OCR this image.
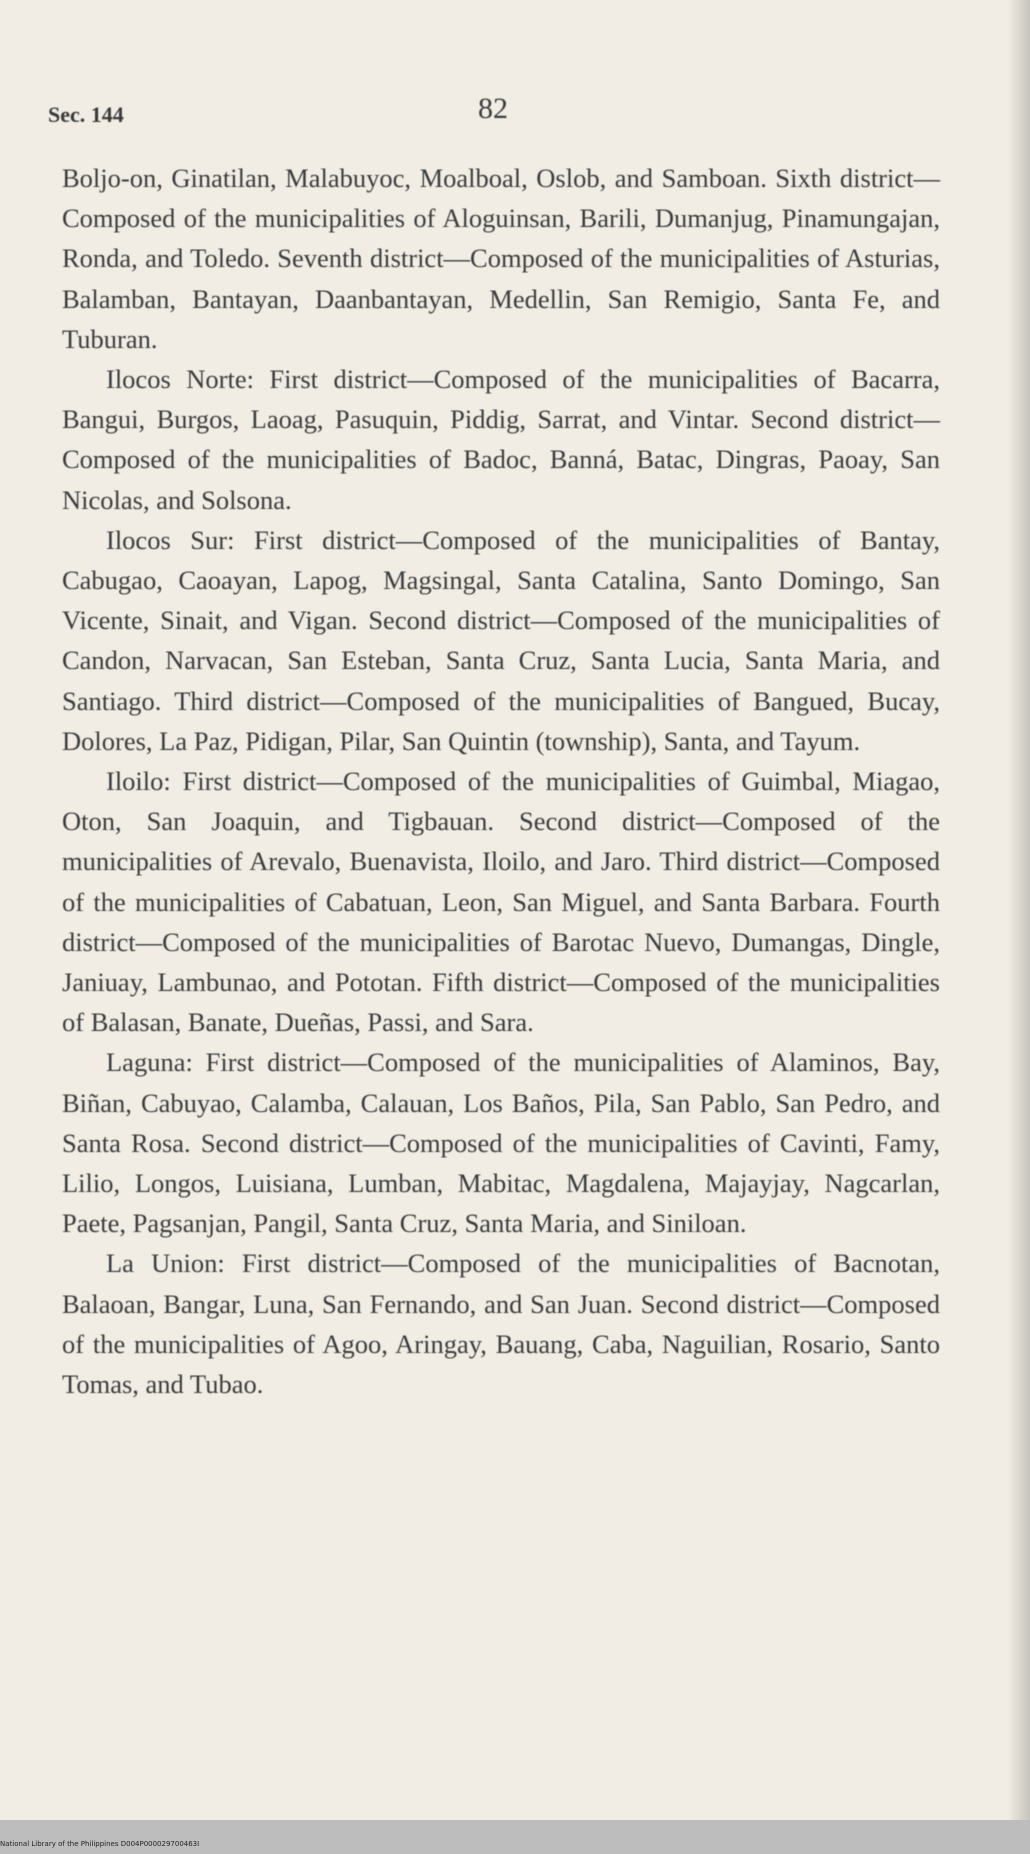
Sec. 144	82

Boljo-on, Ginatilan, Malabuyoc, Moalboal, Oslob, and Samboan. Sixth district—Composed of the municipalities of Aloguinsan, Barili, Dumanjug, Pinamungajan, Ronda, and Toledo. Seventh district—Composed of the municipalities of Asturias, Balamban, Bantayan, Daanbantayan, Medellin, San Remigio, Santa Fe, and Tuburan.

Ilocos Norte: First district—Composed of the municipalities of Bacarra, Bangui, Burgos, Laoag, Pasuquin, Piddig, Sarrat, and Vintar. Second district—Composed of the municipalities of Badoc, Banná, Batac, Dingras, Paoay, San Nicolas, and Solsona.

Ilocos Sur: First district—Composed of the municipalities of Bantay, Cabugao, Caoayan, Lapog, Magsingal, Santa Catalina, Santo Domingo, San Vicente, Sinait, and Vigan. Second district—Composed of the municipalities of Candon, Narvacan, San Esteban, Santa Cruz, Santa Lucia, Santa Maria, and Santiago. Third district—Composed of the municipalities of Bangued, Bucay, Dolores, La Paz, Pidigan, Pilar, San Quintin (township), Santa, and Tayum.

Iloilo: First district—Composed of the municipalities of Guimbal, Miagao, Oton, San Joaquin, and Tigbauan. Second district—Composed of the municipalities of Arevalo, Buenavista, Iloilo, and Jaro. Third district—Composed of the municipalities of Cabatuan, Leon, San Miguel, and Santa Barbara. Fourth district—Composed of the municipalities of Barotac Nuevo, Dumangas, Dingle, Janiuay, Lambunao, and Pototan. Fifth district—Composed of the municipalities of Balasan, Banate, Dueñas, Passi, and Sara.

Laguna: First district—Composed of the municipalities of Alaminos, Bay, Biñan, Cabuyao, Calamba, Calauan, Los Baños, Pila, San Pablo, San Pedro, and Santa Rosa. Second district—Composed of the municipalities of Cavinti, Famy, Lilio, Longos, Luisiana, Lumban, Mabitac, Magdalena, Majayjay, Nagcarlan, Paete, Pagsanjan, Pangil, Santa Cruz, Santa Maria, and Siniloan.

La Union: First district—Composed of the municipalities of Bacnotan, Balaoan, Bangar, Luna, San Fernando, and San Juan. Second district—Composed of the municipalities of Agoo, Aringay, Bauang, Caba, Naguilian, Rosario, Santo Tomas, and Tubao.

National Library of the Philippines D004P000029700463I
